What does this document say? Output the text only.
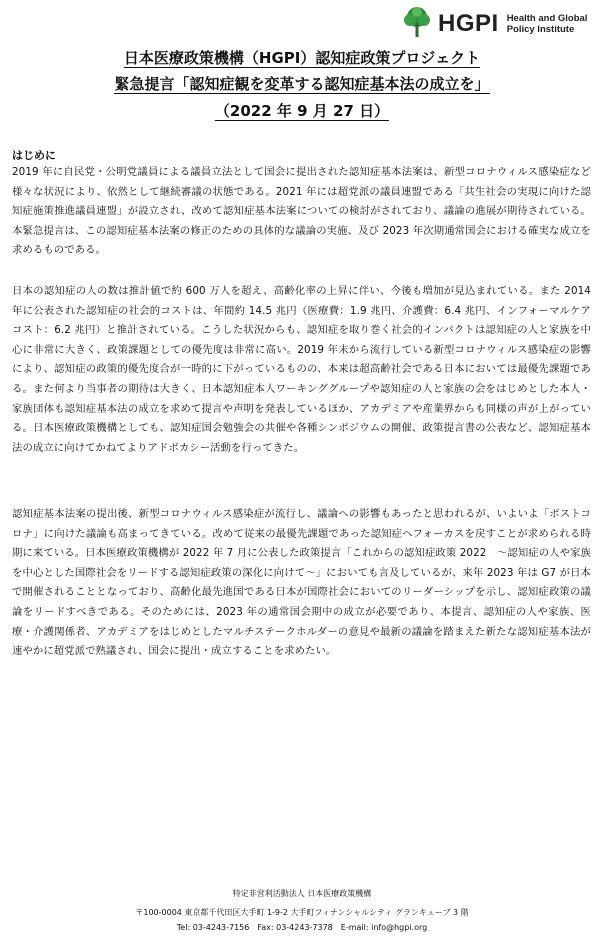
HGPI Health and Global
Policy Institute
日本医療政策機構（HGPI）認知症政策プロジェクト
緊急提言「認知症観を変革する認知症基本法の成立を」
（2022 年 9 月 27 日）
はじめに
2019 年に自民党・公明党議員による議員立法として国会に提出された認知症基本法案は、新型コロナウィルス感染症など様々な状況により、依然として継続審議の状態である。2021 年には超党派の議員連盟である「共生社会の実現に向けた認知症施策推進議員連盟」が設立され、改めて認知症基本法案についての検討がされており、議論の進展が期待されている。本緊急提言は、この認知症基本法案の修正のための具体的な議論の実施、及び 2023 年次期通常国会における確実な成立を求めるものである。
日本の認知症の人の数は推計値で約 600 万人を超え、高齢化率の上昇に伴い、今後も増加が見込まれている。また 2014 年に公表された認知症の社会的コストは、年間約 14.5 兆円（医療費：1.9 兆円、介護費：6.4 兆円、インフォーマルケアコスト：6.2 兆円）と推計されている。こうした状況からも、認知症を取り巻く社会的インパクトは認知症の人と家族を中心に非常に大きく、政策課題としての優先度は非常に高い。2019 年末から流行している新型コロナウィルス感染症の影響により、認知症の政策的優先度合が一時的に下がっているものの、本来は超高齢社会である日本においては最優先課題である。また何より当事者の期待は大きく、日本認知症本人ワーキンググループや認知症の人と家族の会をはじめとした本人・家族団体も認知症基本法の成立を求めて提言や声明を発表しているほか、アカデミアや産業界からも同様の声が上がっている。日本医療政策機構としても、認知症国会勉強会の共催や各種シンポジウムの開催、政策提言書の公表など、認知症基本法の成立に向けてかねてよりアドボカシー活動を行ってきた。
認知症基本法案の提出後、新型コロナウィルス感染症が流行し、議論への影響もあったと思われるが、いよいよ「ポストコロナ」に向けた議論も高まってきている。改めて従来の最優先課題であった認知症へフォーカスを戻すことが求められる時期に来ている。日本医療政策機構が 2022 年 7 月に公表した政策提言「これからの認知症政策 2022　～認知症の人や家族を中心とした国際社会をリードする認知症政策の深化に向けて～」においても言及しているが、来年 2023 年は G7 が日本で開催されることとなっており、高齢化最先進国である日本が国際社会においてのリーダーシップを示し、認知症政策の議論をリードすべきである。そのためには、2023 年の通常国会期中の成立が必要であり、本提言、認知症の人や家族、医療・介護関係者、アカデミアをはじめとしたマルチステークホルダーの意見や最新の議論を踏まえた新たな認知症基本法が速やかに超党派で熟議され、国会に提出・成立することを求めたい。
特定非営利活動法人 日本医療政策機構
〒100-0004 東京都千代田区大手町 1-9-2 大手町フィナンシャルシティ グランキューブ 3 階
Tel: 03-4243-7156　Fax: 03-4243-7378　E-mail: info@hgpi.org
